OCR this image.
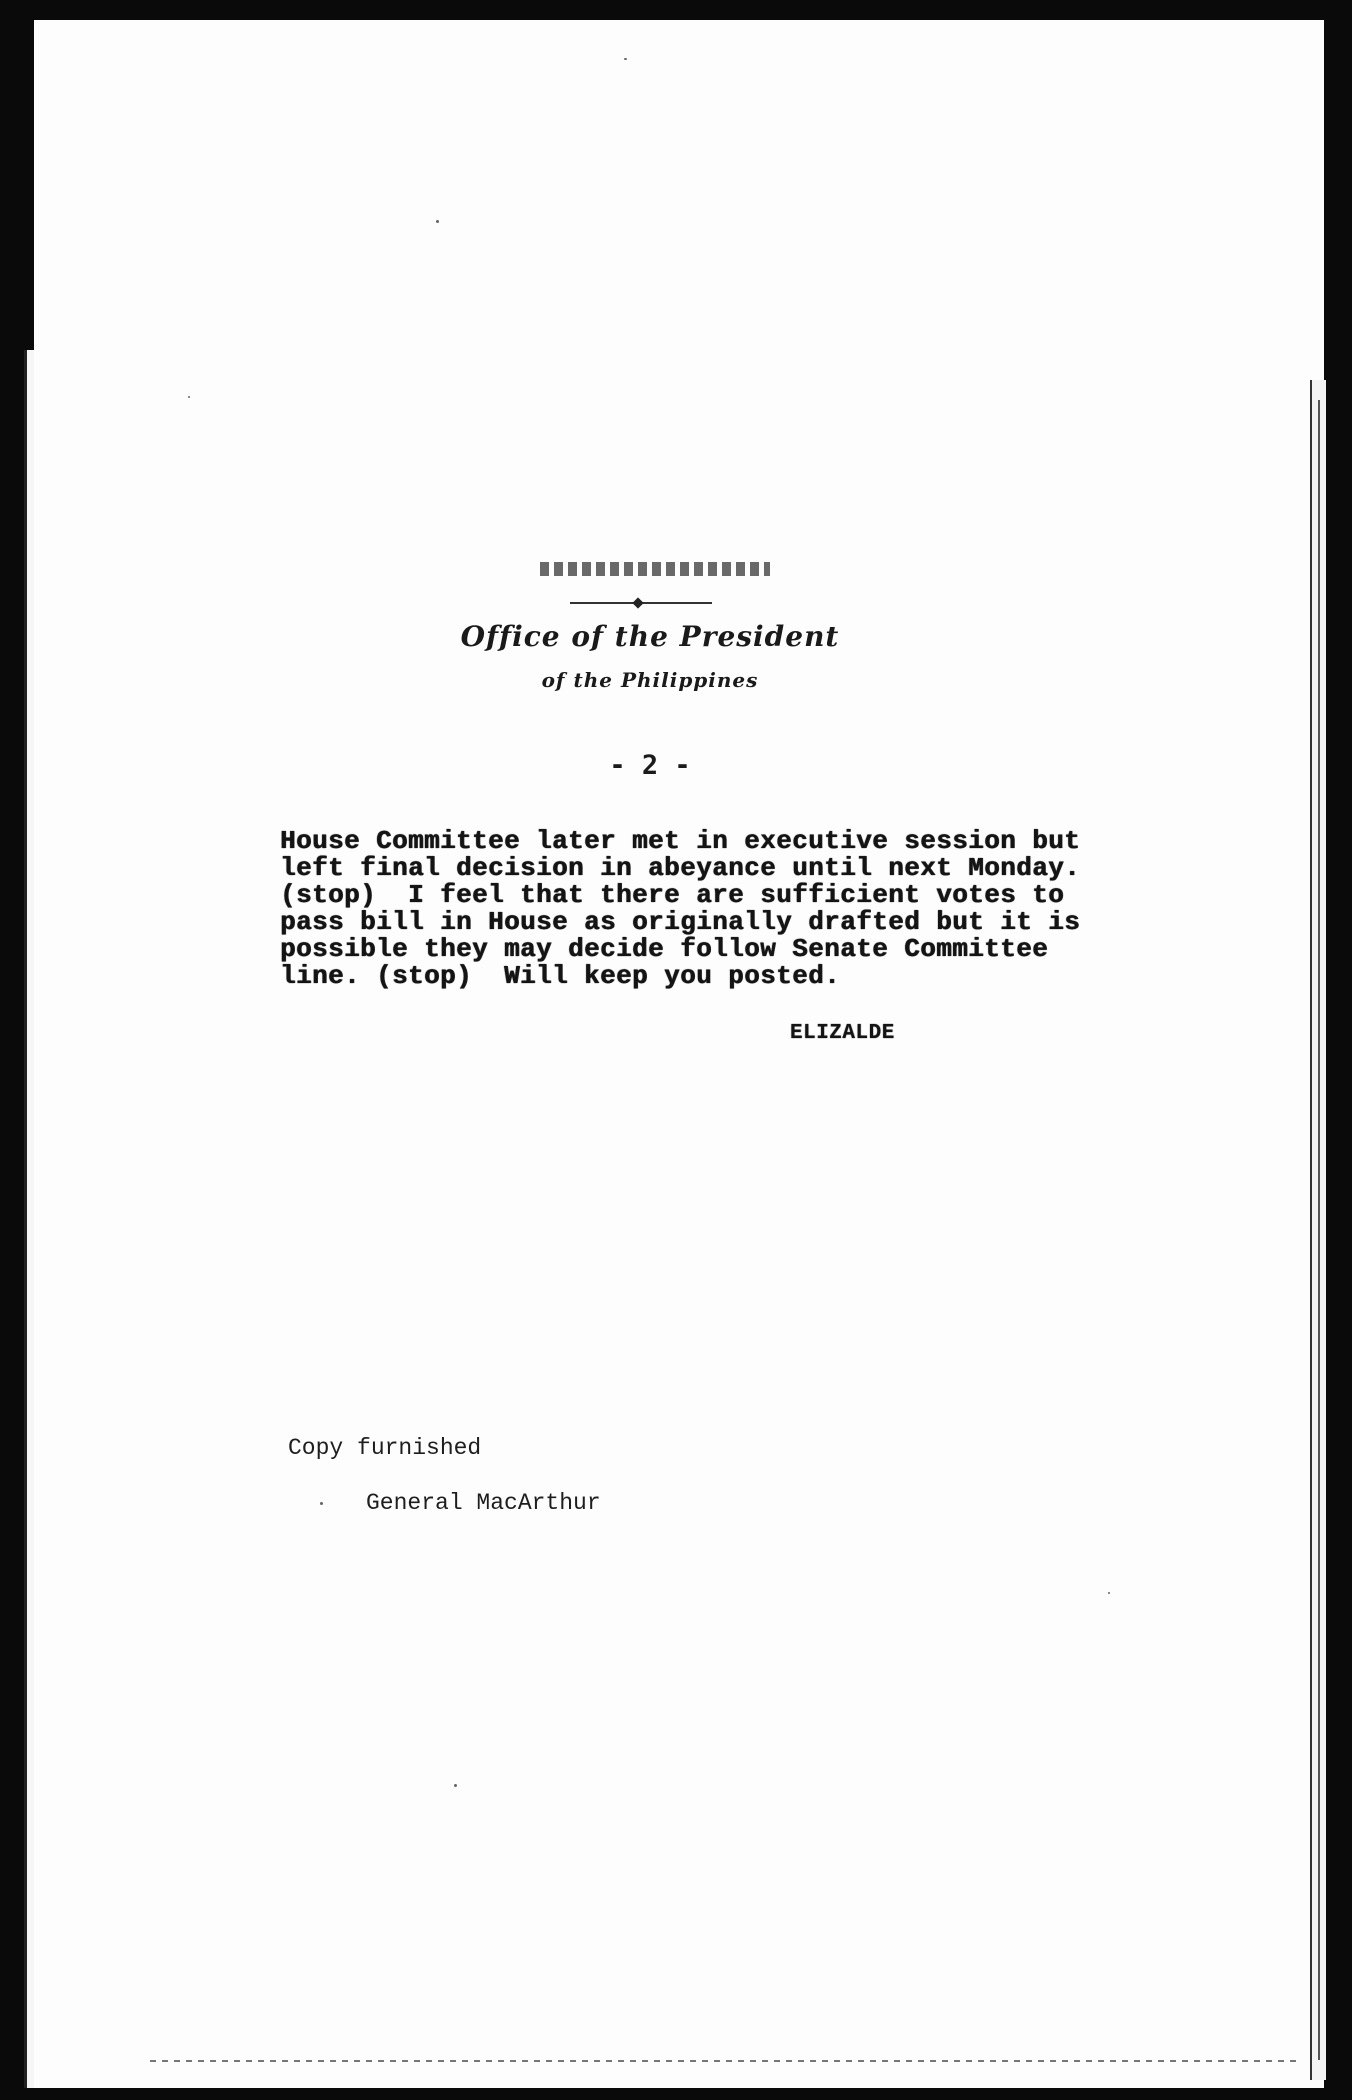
Office of the President
of the Philippines
- 2 -
House Committee later met in executive session but
left final decision in abeyance until next Monday.
(stop)  I feel that there are sufficient votes to
pass bill in House as originally drafted but it is
possible they may decide follow Senate Committee
line. (stop)  Will keep you posted.
ELIZALDE
Copy furnished
General MacArthur
